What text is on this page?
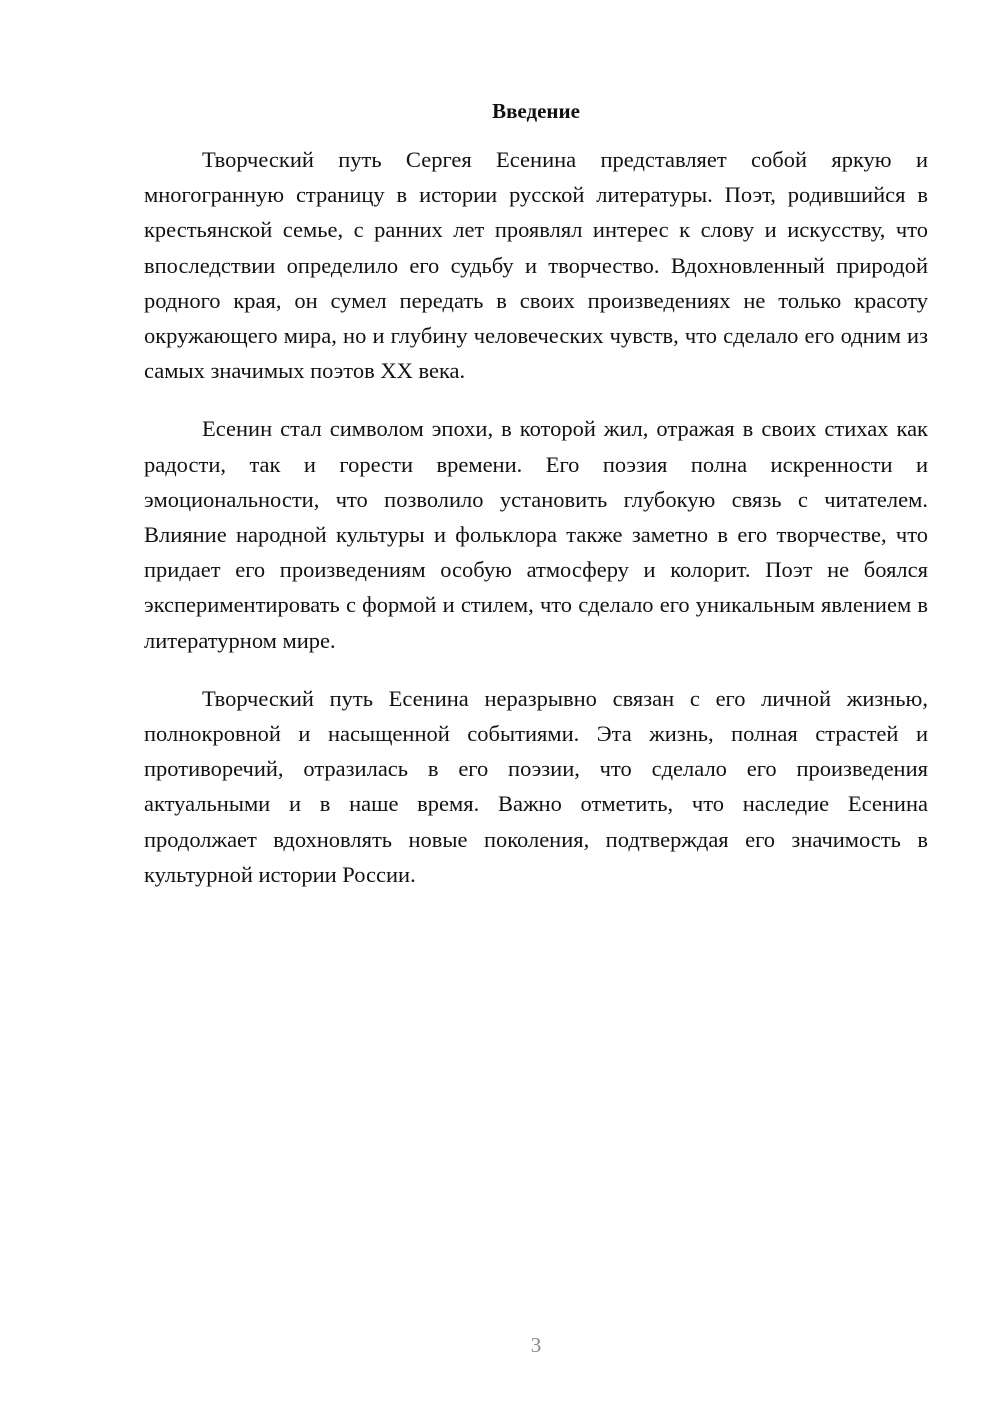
Введение

Творческий путь Сергея Есенина представляет собой яркую и многогранную страницу в истории русской литературы. Поэт, родившийся в крестьянской семье, с ранних лет проявлял интерес к слову и искусству, что впоследствии определило его судьбу и творчество. Вдохновленный природой родного края, он сумел передать в своих произведениях не только красоту окружающего мира, но и глубину человеческих чувств, что сделало его одним из самых значимых поэтов XX века.

Есенин стал символом эпохи, в которой жил, отражая в своих стихах как радости, так и горести времени. Его поэзия полна искренности и эмоциональности, что позволило установить глубокую связь с читателем. Влияние народной культуры и фольклора также заметно в его творчестве, что придает его произведениям особую атмосферу и колорит. Поэт не боялся экспериментировать с формой и стилем, что сделало его уникальным явлением в литературном мире.

Творческий путь Есенина неразрывно связан с его личной жизнью, полнокровной и насыщенной событиями. Эта жизнь, полная страстей и противоречий, отразилась в его поэзии, что сделало его произведения актуальными и в наше время. Важно отметить, что наследие Есенина продолжает вдохновлять новые поколения, подтверждая его значимость в культурной истории России.

3
